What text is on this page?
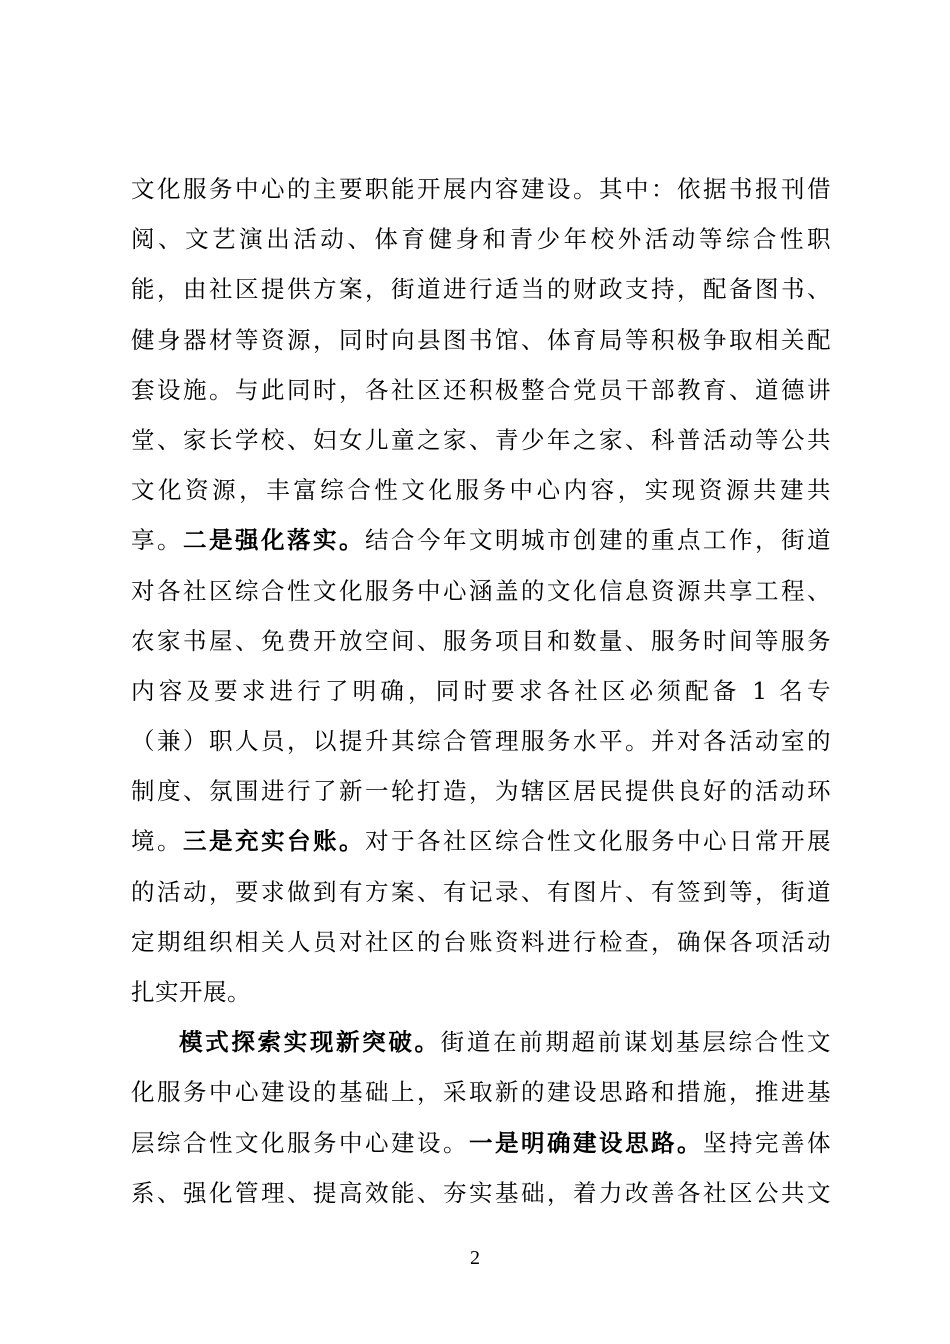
文化服务中心的主要职能开展内容建设。其中：依据书报刊借
阅、文艺演出活动、体育健身和青少年校外活动等综合性职
能，由社区提供方案，街道进行适当的财政支持，配备图书、
健身器材等资源，同时向县图书馆、体育局等积极争取相关配
套设施。与此同时，各社区还积极整合党员干部教育、道德讲
堂、家长学校、妇女儿童之家、青少年之家、科普活动等公共
文化资源，丰富综合性文化服务中心内容，实现资源共建共
享。二是强化落实。结合今年文明城市创建的重点工作，街道
对各社区综合性文化服务中心涵盖的文化信息资源共享工程、
农家书屋、免费开放空间、服务项目和数量、服务时间等服务
内容及要求进行了明确，同时要求各社区必须配备 1 名专
（兼）职人员，以提升其综合管理服务水平。并对各活动室的
制度、氛围进行了新一轮打造，为辖区居民提供良好的活动环
境。三是充实台账。对于各社区综合性文化服务中心日常开展
的活动，要求做到有方案、有记录、有图片、有签到等，街道
定期组织相关人员对社区的台账资料进行检查，确保各项活动
扎实开展。
模式探索实现新突破。街道在前期超前谋划基层综合性文
化服务中心建设的基础上，采取新的建设思路和措施，推进基
层综合性文化服务中心建设。一是明确建设思路。坚持完善体
系、强化管理、提高效能、夯实基础，着力改善各社区公共文
2
